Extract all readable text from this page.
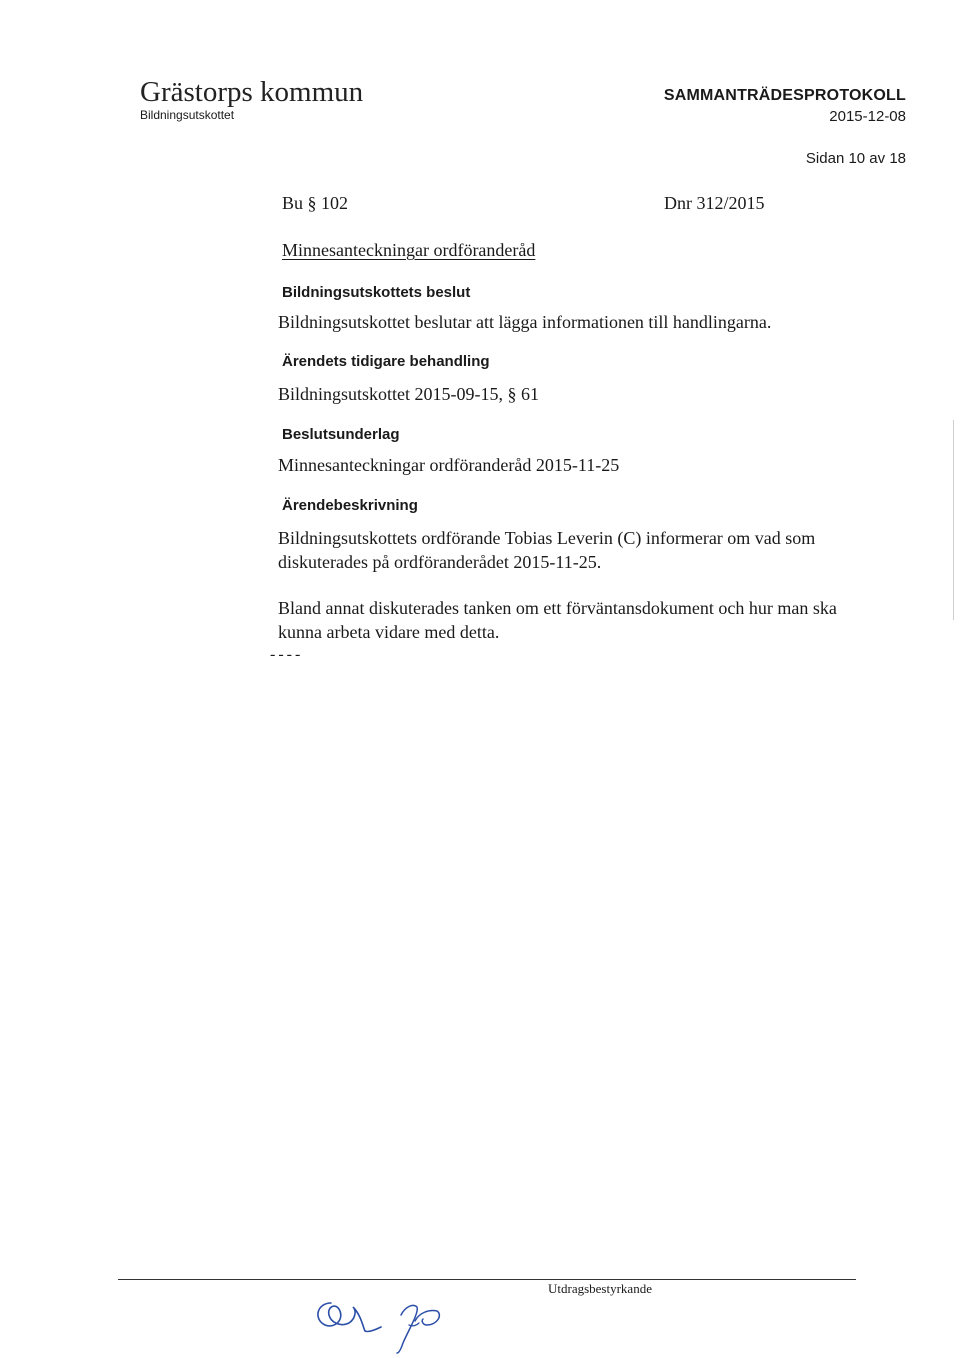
Grästorps kommun
Bildningsutskottet
SAMMANTRÄDESPROTOKOLL
2015-12-08
Sidan 10 av 18
Bu § 102	Dnr 312/2015
Minnesanteckningar ordföranderåd
Bildningsutskottets beslut
Bildningsutskottet beslutar att lägga informationen till handlingarna.
Ärendets tidigare behandling
Bildningsutskottet 2015-09-15, § 61
Beslutsunderlag
Minnesanteckningar ordföranderåd 2015-11-25
Ärendebeskrivning
Bildningsutskottets ordförande Tobias Leverin (C) informerar om vad som diskuterades på ordföranderådet 2015-11-25.
Bland annat diskuterades tanken om ett förväntansdokument och hur man ska kunna arbeta vidare med detta.
----
Utdragsbestyrkande
